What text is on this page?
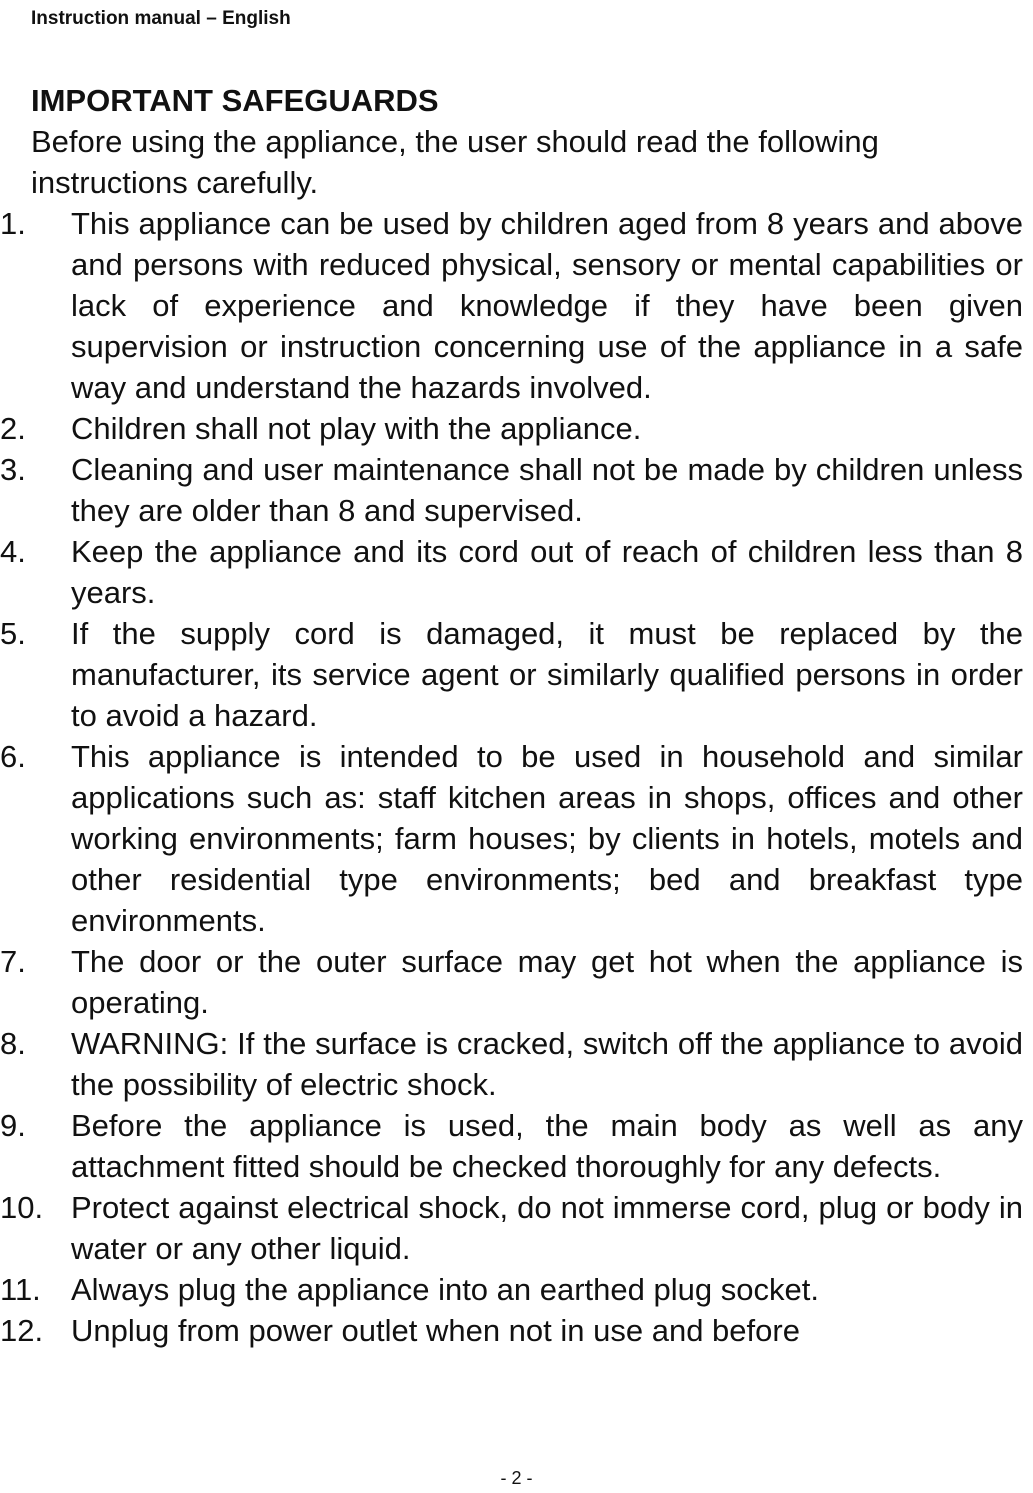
Instruction manual – English
IMPORTANT SAFEGUARDS

Before using the appliance, the user should read the following instructions carefully.

1.	This appliance can be used by children aged from 8 years and above and persons with reduced physical, sensory or mental capabilities or lack of experience and knowledge if they have been given supervision or instruction concerning use of the appliance in a safe way and understand the hazards involved.
2.	Children shall not play with the appliance.
3.	Cleaning and user maintenance shall not be made by children unless they are older than 8 and supervised.
4.	Keep the appliance and its cord out of reach of children less than 8 years.
5.	If the supply cord is damaged, it must be replaced by the manufacturer, its service agent or similarly qualified persons in order to avoid a hazard.
6.	This appliance is intended to be used in household and similar applications such as: staff kitchen areas in shops, offices and other working environments; farm houses; by clients in hotels, motels and other residential type environments; bed and breakfast type environments.
7.	The door or the outer surface may get hot when the appliance is operating.
8.	WARNING: If the surface is cracked, switch off the appliance to avoid the possibility of electric shock.
9.	Before the appliance is used, the main body as well as any attachment fitted should be checked thoroughly for any defects.
10. Protect against electrical shock, do not immerse cord, plug or body in water or any other liquid.
11. Always plug the appliance into an earthed plug socket.
12. Unplug from power outlet when not in use and before
- 2 -
